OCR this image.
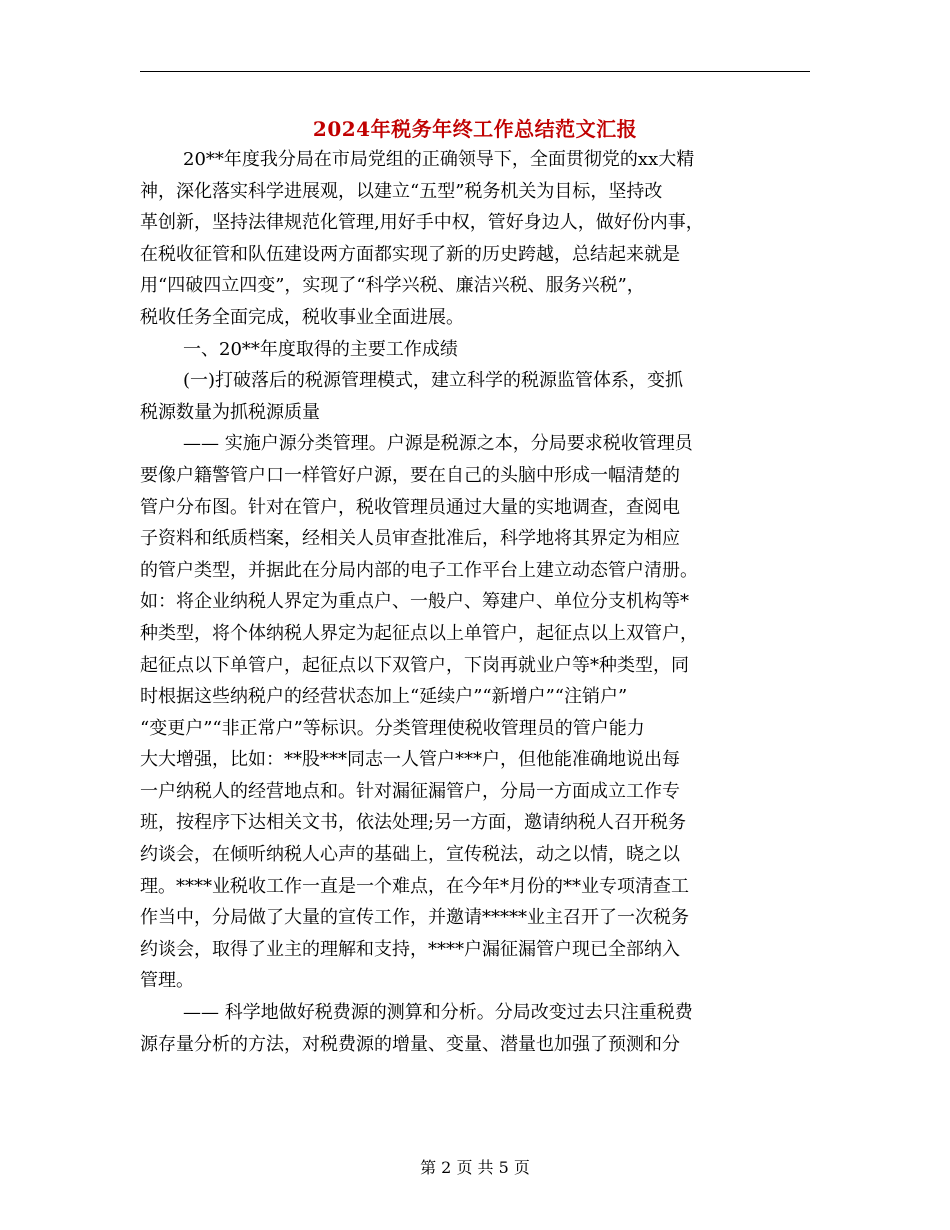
2024年税务年终工作总结范文汇报
20**年度我分局在市局党组的正确领导下，全面贯彻党的xx大精
神，深化落实科学进展观，以建立“五型”税务机关为目标，坚持改
革创新，坚持法律规范化管理,用好手中权，管好身边人，做好份内事，
在税收征管和队伍建设两方面都实现了新的历史跨越，总结起来就是
用“四破四立四变”，实现了“科学兴税、廉洁兴税、服务兴税”，
税收任务全面完成，税收事业全面进展。
一、20**年度取得的主要工作成绩
(一)打破落后的税源管理模式，建立科学的税源监管体系，变抓
税源数量为抓税源质量
—— 实施户源分类管理。户源是税源之本，分局要求税收管理员
要像户籍警管户口一样管好户源，要在自己的头脑中形成一幅清楚的
管户分布图。针对在管户，税收管理员通过大量的实地调查，查阅电
子资料和纸质档案，经相关人员审查批准后，科学地将其界定为相应
的管户类型，并据此在分局内部的电子工作平台上建立动态管户清册。
如：将企业纳税人界定为重点户、一般户、筹建户、单位分支机构等*
种类型，将个体纳税人界定为起征点以上单管户，起征点以上双管户，
起征点以下单管户，起征点以下双管户，下岗再就业户等*种类型，同
时根据这些纳税户的经营状态加上“延续户”“新增户”“注销户”
“变更户”“非正常户”等标识。分类管理使税收管理员的管户能力
大大增强，比如：**股***同志一人管户***户，但他能准确地说出每
一户纳税人的经营地点和。针对漏征漏管户，分局一方面成立工作专
班，按程序下达相关文书，依法处理;另一方面，邀请纳税人召开税务
约谈会，在倾听纳税人心声的基础上，宣传税法，动之以情，晓之以
理。****业税收工作一直是一个难点，在今年*月份的**业专项清查工
作当中，分局做了大量的宣传工作，并邀请*****业主召开了一次税务
约谈会，取得了业主的理解和支持，****户漏征漏管户现已全部纳入
管理。
—— 科学地做好税费源的测算和分析。分局改变过去只注重税费
源存量分析的方法，对税费源的增量、变量、潜量也加强了预测和分
第 2 页 共 5 页
